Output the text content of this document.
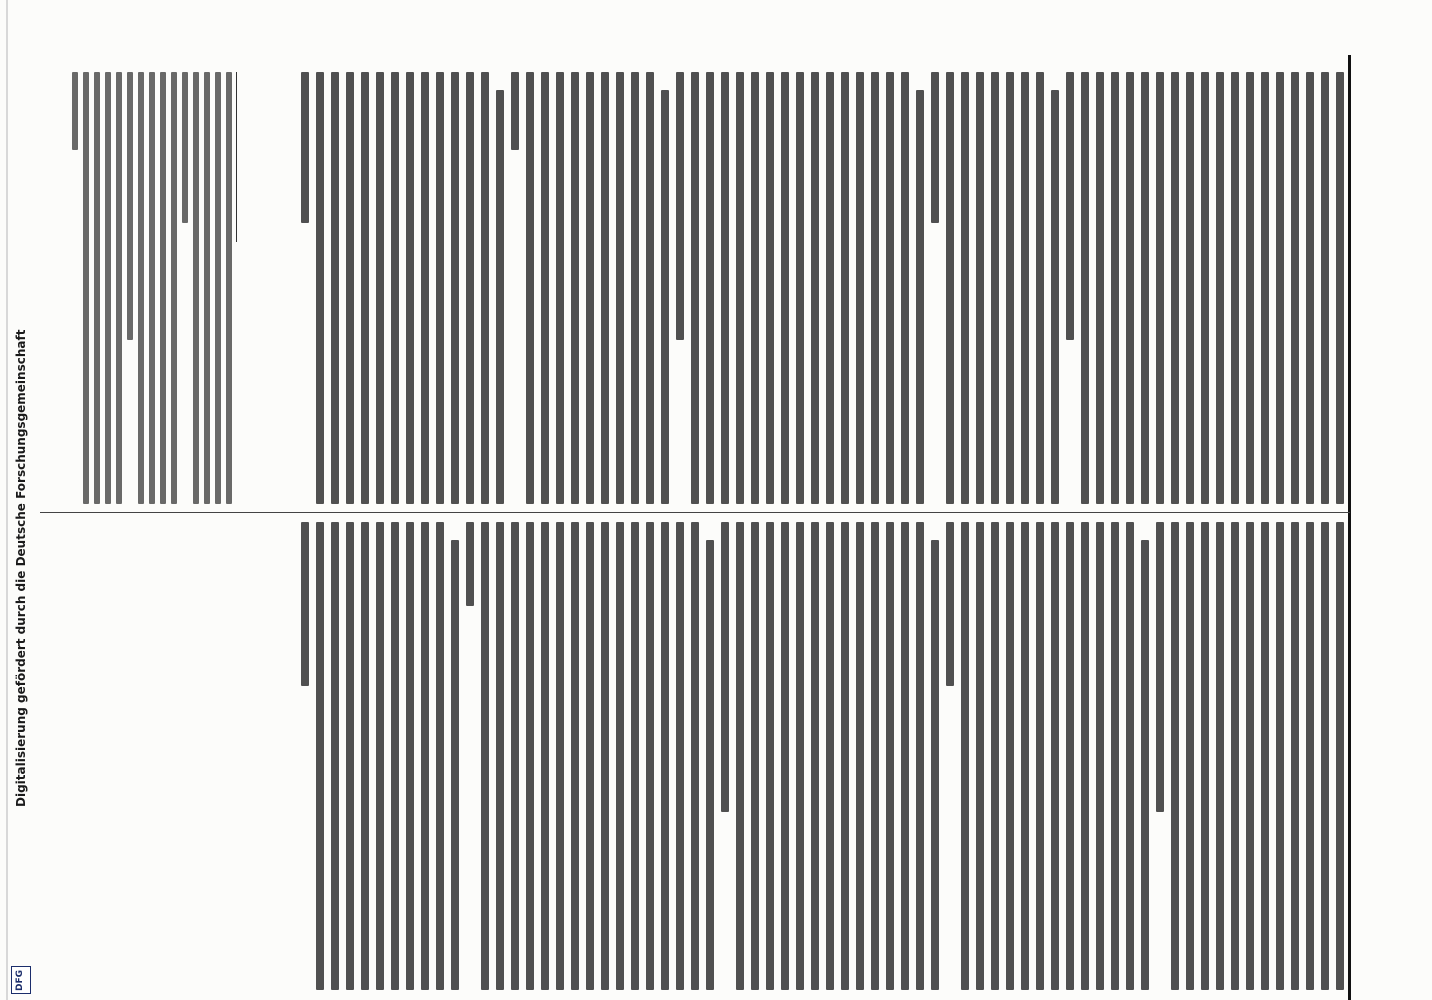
Digitalisierung gefördert durch die Deutsche Forschungsgemeinschaft
DFG
